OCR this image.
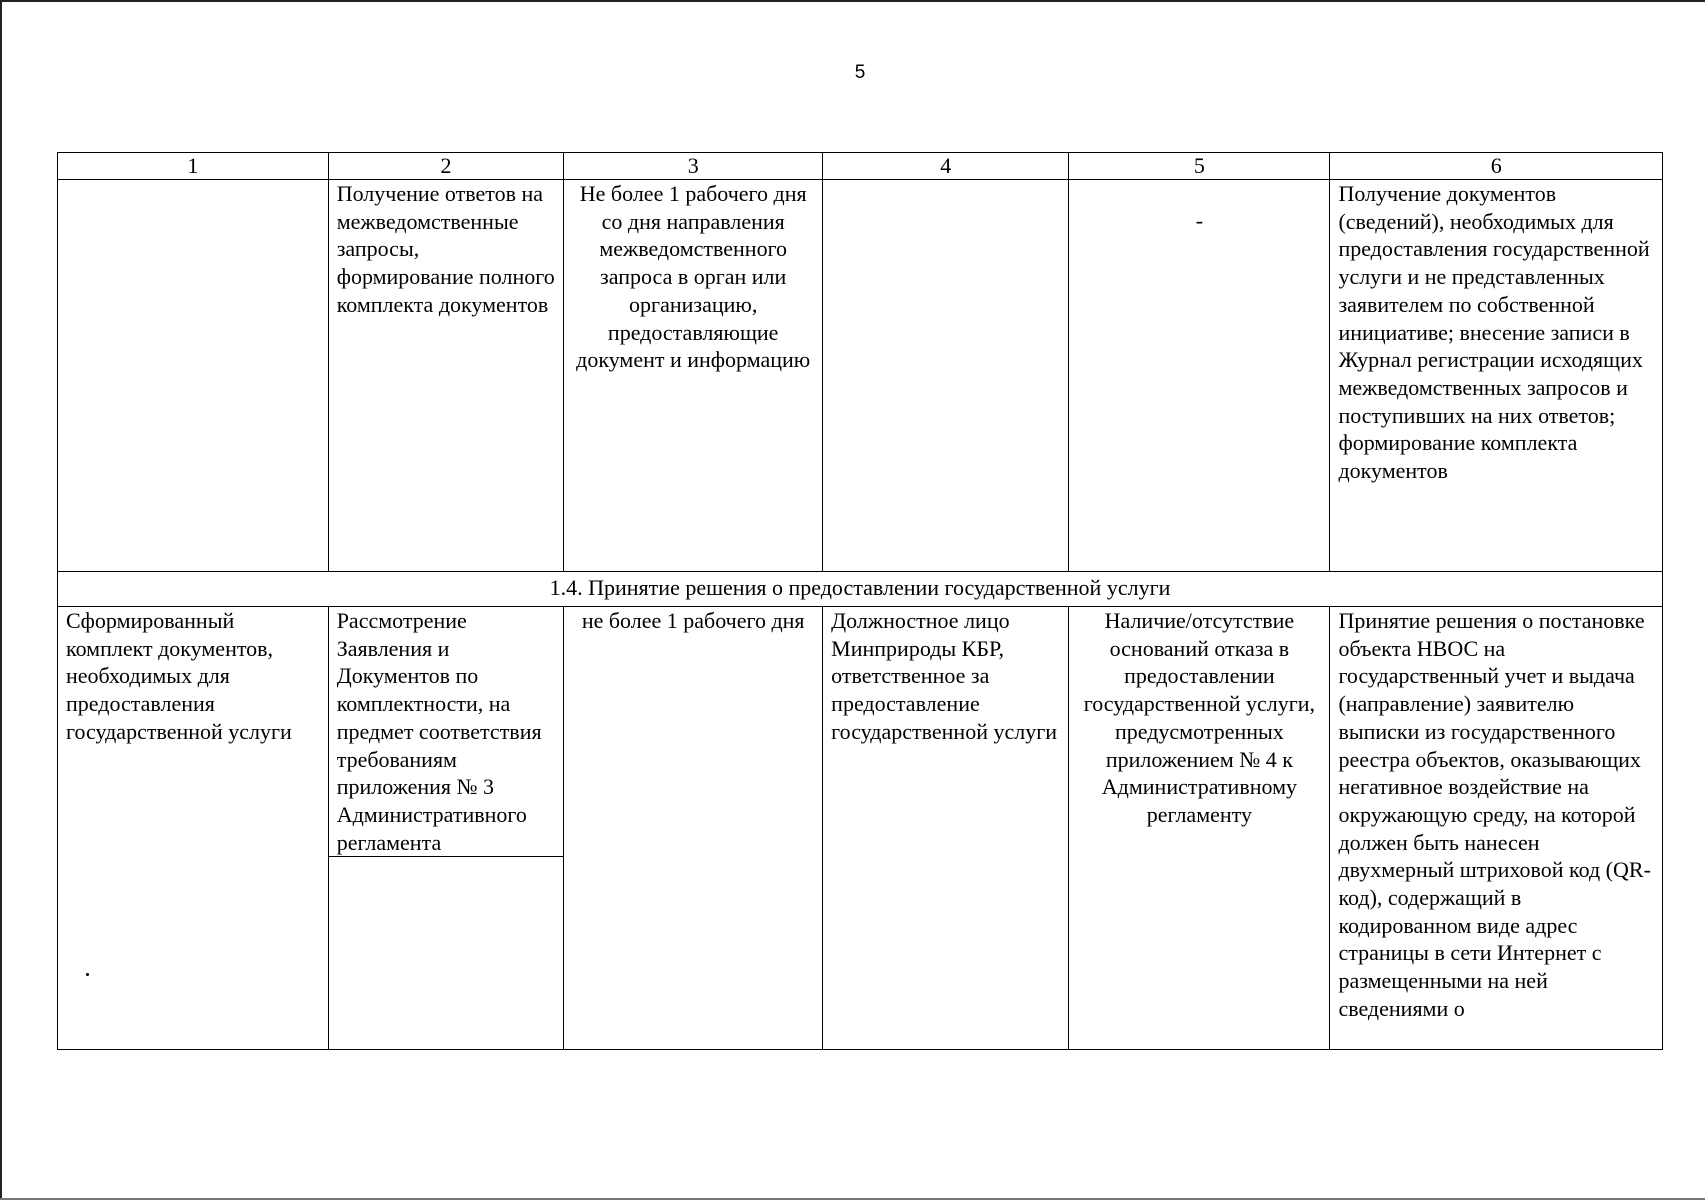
5
1	2	3	4	5	6
	Получение ответов на межведомственные запросы, формирование полного комплекта документов	Не более 1 рабочего дня со дня направления межведомственного запроса в орган или организацию, предоставляющие документ и информацию		-	Получение документов (сведений), необходимых для предоставления государственной услуги и не представленных заявителем по собственной инициативе; внесение записи в Журнал регистрации исходящих межведомственных запросов и поступивших на них ответов; формирование комплекта документов
1.4. Принятие решения о предоставлении государственной услуги					
Сформированный комплект документов, необходимых для предоставления государственной услуги	Рассмотрение Заявления и Документов по комплектности, на предмет соответствия требованиям приложения № 3 Административного регламента	не более 1 рабочего дня	Должностное лицо Минприроды КБР, ответственное за предоставление государственной услуги	Наличие/отсутствие оснований отказа в предоставлении государственной услуги, предусмотренных приложением № 4 к Административному регламенту	Принятие решения о постановке объекта НВОС на государственный учет и выдача (направление) заявителю выписки из государственного реестра объектов, оказывающих негативное воздействие на окружающую среду, на которой должен быть нанесен двухмерный штриховой код (QR-код), содержащий в кодированном виде адрес страницы в сети Интернет с размещенными на ней сведениями о
